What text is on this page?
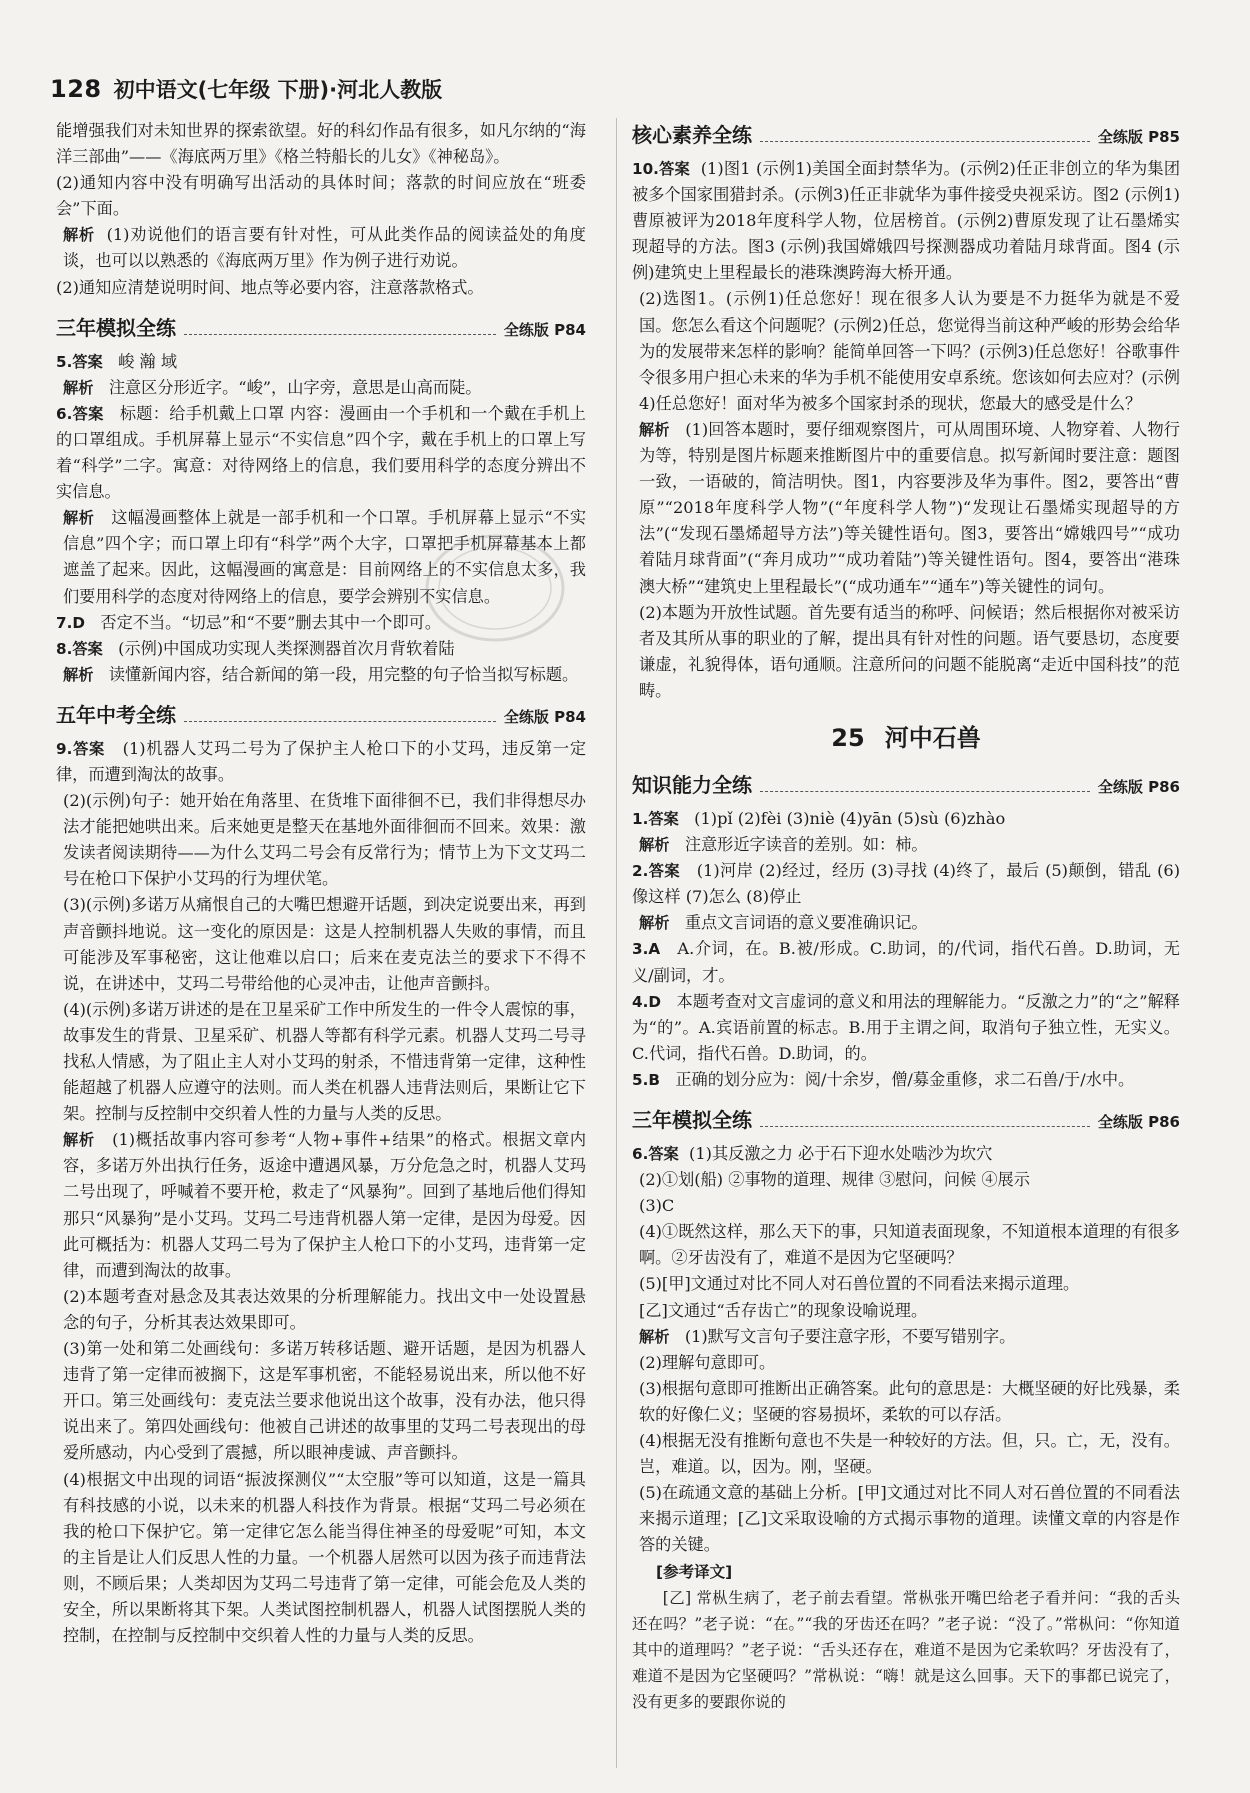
128 初中语文(七年级 下册)·河北人教版

能增强我们对未知世界的探索欲望。好的科幻作品有很多，如凡尔纳的“海洋三部曲”——《海底两万里》《格兰特船长的儿女》《神秘岛》。

(2)通知内容中没有明确写出活动的具体时间；落款的时间应放在“班委会”下面。

解析 (1)劝说他们的语言要有针对性，可从此类作品的阅读益处的角度谈，也可以以熟悉的《海底两万里》作为例子进行劝说。

(2)通知应清楚说明时间、地点等必要内容，注意落款格式。

三年模拟全练	全练版 P84

5.答案 峻 瀚 域

解析 注意区分形近字。“峻”，山字旁，意思是山高而陡。

6.答案 标题：给手机戴上口罩 内容：漫画由一个手机和一个戴在手机上的口罩组成。手机屏幕上显示“不实信息”四个字，戴在手机上的口罩上写着“科学”二字。寓意：对待网络上的信息，我们要用科学的态度分辨出不实信息。

解析 这幅漫画整体上就是一部手机和一个口罩。手机屏幕上显示“不实信息”四个字；而口罩上印有“科学”两个大字，口罩把手机屏幕基本上都遮盖了起来。因此，这幅漫画的寓意是：目前网络上的不实信息太多，我们要用科学的态度对待网络上的信息，要学会辨别不实信息。

7.D 否定不当。“切忌”和“不要”删去其中一个即可。

8.答案 (示例)中国成功实现人类探测器首次月背软着陆

解析 读懂新闻内容，结合新闻的第一段，用完整的句子恰当拟写标题。

五年中考全练	全练版 P84

9.答案 (1)机器人艾玛二号为了保护主人枪口下的小艾玛，违反第一定律，而遭到淘汰的故事。

(2)(示例)句子：她开始在角落里、在货堆下面徘徊不已，我们非得想尽办法才能把她哄出来。后来她更是整天在基地外面徘徊而不回来。效果：激发读者阅读期待——为什么艾玛二号会有反常行为；情节上为下文艾玛二号在枪口下保护小艾玛的行为埋伏笔。

(3)(示例)多诺万从痛恨自己的大嘴巴想避开话题，到决定说要出来，再到声音颤抖地说。这一变化的原因是：这是人控制机器人失败的事情，而且可能涉及军事秘密，这让他难以启口；后来在麦克法兰的要求下不得不说，在讲述中，艾玛二号带给他的心灵冲击，让他声音颤抖。

(4)(示例)多诺万讲述的是在卫星采矿工作中所发生的一件令人震惊的事，故事发生的背景、卫星采矿、机器人等都有科学元素。机器人艾玛二号寻找私人情感，为了阻止主人对小艾玛的射杀，不惜违背第一定律，这种性能超越了机器人应遵守的法则。而人类在机器人违背法则后，果断让它下架。控制与反控制中交织着人性的力量与人类的反思。

解析 (1)概括故事内容可参考“人物+事件+结果”的格式。根据文章内容，多诺万外出执行任务，返途中遭遇风暴，万分危急之时，机器人艾玛二号出现了，呼喊着不要开枪，救走了“风暴狗”。回到了基地后他们得知那只“风暴狗”是小艾玛。艾玛二号违背机器人第一定律，是因为母爱。因此可概括为：机器人艾玛二号为了保护主人枪口下的小艾玛，违背第一定律，而遭到淘汰的故事。

(2)本题考查对悬念及其表达效果的分析理解能力。找出文中一处设置悬念的句子，分析其表达效果即可。

(3)第一处和第二处画线句：多诺万转移话题、避开话题，是因为机器人违背了第一定律而被搁下，这是军事机密，不能轻易说出来，所以他不好开口。第三处画线句：麦克法兰要求他说出这个故事，没有办法，他只得说出来了。第四处画线句：他被自己讲述的故事里的艾玛二号表现出的母爱所感动，内心受到了震撼，所以眼神虔诚、声音颤抖。

(4)根据文中出现的词语“振波探测仪”“太空服”等可以知道，这是一篇具有科技感的小说，以未来的机器人科技作为背景。根据“艾玛二号必须在我的枪口下保护它。第一定律它怎么能当得住神圣的母爱呢”可知，本文的主旨是让人们反思人性的力量。一个机器人居然可以因为孩子而违背法则，不顾后果；人类却因为艾玛二号违背了第一定律，可能会危及人类的安全，所以果断将其下架。人类试图控制机器人，机器人试图摆脱人类的控制，在控制与反控制中交织着人性的力量与人类的反思。

核心素养全练	全练版 P85

10.答案 (1)图1 (示例1)美国全面封禁华为。(示例2)任正非创立的华为集团被多个国家围猎封杀。(示例3)任正非就华为事件接受央视采访。图2 (示例1)曹原被评为2018年度科学人物，位居榜首。(示例2)曹原发现了让石墨烯实现超导的方法。图3 (示例)我国嫦娥四号探测器成功着陆月球背面。图4 (示例)建筑史上里程最长的港珠澳跨海大桥开通。

(2)选图1。(示例1)任总您好！现在很多人认为要是不力挺华为就是不爱国。您怎么看这个问题呢？(示例2)任总，您觉得当前这种严峻的形势会给华为的发展带来怎样的影响？能简单回答一下吗？(示例3)任总您好！谷歌事件令很多用户担心未来的华为手机不能使用安卓系统。您该如何去应对？(示例4)任总您好！面对华为被多个国家封杀的现状，您最大的感受是什么？

解析 (1)回答本题时，要仔细观察图片，可从周围环境、人物穿着、人物行为等，特别是图片标题来推断图片中的重要信息。拟写新闻时要注意：题图一致，一语破的，简洁明快。图1，内容要涉及华为事件。图2，要答出“曹原”“2018年度科学人物”(“年度科学人物”)“发现让石墨烯实现超导的方法”(“发现石墨烯超导方法”)等关键性语句。图3，要答出“嫦娥四号”“成功着陆月球背面”(“奔月成功”“成功着陆”)等关键性语句。图4，要答出“港珠澳大桥”“建筑史上里程最长”(“成功通车”“通车”)等关键性的词句。

(2)本题为开放性试题。首先要有适当的称呼、问候语；然后根据你对被采访者及其所从事的职业的了解，提出具有针对性的问题。语气要恳切，态度要谦虚，礼貌得体，语句通顺。注意所问的问题不能脱离“走近中国科技”的范畴。

25 河中石兽
知识能力全练	全练版 P86

1.答案 (1)pǐ (2)fèi (3)niè (4)yān (5)sù (6)zhào

解析 注意形近字读音的差别。如：柿。

2.答案 (1)河岸 (2)经过，经历 (3)寻找 (4)终了，最后 (5)颠倒，错乱 (6)像这样 (7)怎么 (8)停止

解析 重点文言词语的意义要准确识记。

3.A A.介词，在。B.被/形成。C.助词，的/代词，指代石兽。D.助词，无义/副词，才。

4.D 本题考查对文言虚词的意义和用法的理解能力。“反激之力”的“之”解释为“的”。A.宾语前置的标志。B.用于主谓之间，取消句子独立性，无实义。C.代词，指代石兽。D.助词，的。

5.B 正确的划分应为：阅/十余岁，僧/募金重修，求二石兽/于/水中。

三年模拟全练	全练版 P86

6.答案 (1)其反激之力 必于石下迎水处啮沙为坎穴

(2)①划(船) ②事物的道理、规律 ③慰问，问候 ④展示

(3)C

(4)①既然这样，那么天下的事，只知道表面现象，不知道根本道理的有很多啊。②牙齿没有了，难道不是因为它坚硬吗？

(5)[甲]文通过对比不同人对石兽位置的不同看法来揭示道理。

[乙]文通过“舌存齿亡”的现象设喻说理。

解析 (1)默写文言句子要注意字形，不要写错别字。

(2)理解句意即可。

(3)根据句意即可推断出正确答案。此句的意思是：大概坚硬的好比残暴，柔软的好像仁义；坚硬的容易损坏，柔软的可以存活。

(4)根据无没有推断句意也不失是一种较好的方法。但，只。亡，无，没有。岂，难道。以，因为。刚，坚硬。

(5)在疏通文意的基础上分析。[甲]文通过对比不同人对石兽位置的不同看法来揭示道理；[乙]文采取设喻的方式揭示事物的道理。读懂文章的内容是作答的关键。

[参考译文]

[乙] 常枞生病了，老子前去看望。常枞张开嘴巴给老子看并问：“我的舌头还在吗？”老子说：“在。”“我的牙齿还在吗？”老子说：“没了。”常枞问：“你知道其中的道理吗？”老子说：“舌头还存在，难道不是因为它柔软吗？牙齿没有了，难道不是因为它坚硬吗？”常枞说：“嗨！就是这么回事。天下的事都已说完了，没有更多的要跟你说的
